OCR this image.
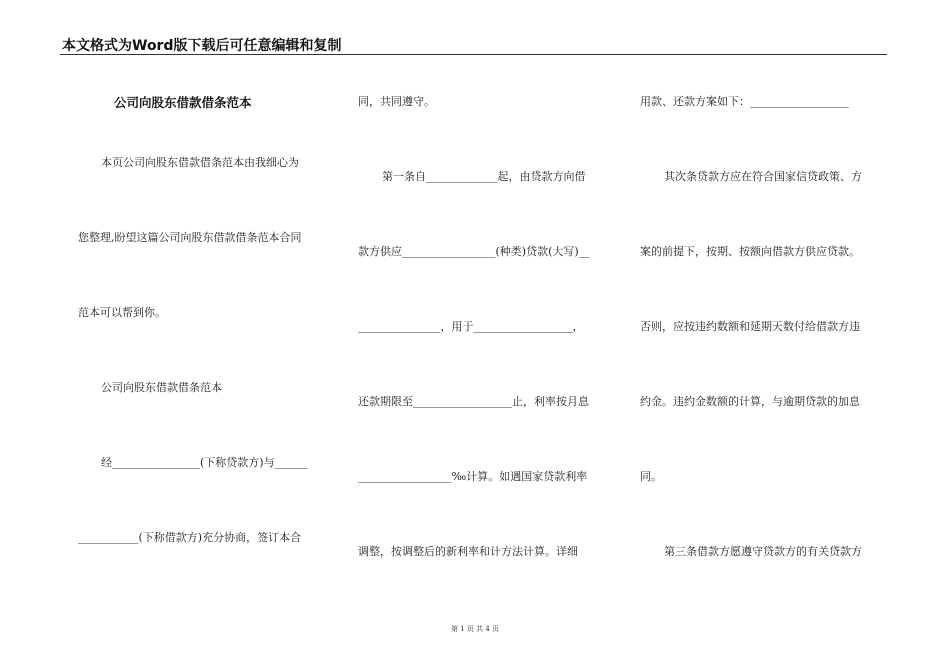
本文格式为Word版下载后可任意编辑和复制
公司向股东借款借条范本
本页公司向股东借款借条范本由我细心为
您整理,盼望这篇公司向股东借款借条范本合同
范本可以帮到你。
公司向股东借款借条范本
经________________(下称贷款方)与______
___________(下称借款方)充分协商，签订本合
同，共同遵守。
第一条自_____________起，由贷款方向借
款方供应_________________(种类)贷款(大写)__
_______________，用于__________________，
还款期限至__________________止，利率按月息
_________________‰计算。如遇国家贷款利率
调整，按调整后的新利率和计方法计算。详细
用款、还款方案如下：__________________
其次条贷款方应在符合国家信贷政策、方
案的前提下，按期、按额向借款方供应贷款。
否则，应按违约数额和延期天数付给借款方违
约金。违约金数额的计算，与逾期贷款的加息
同。
第三条借款方愿遵守贷款方的有关贷款方
第 1 页 共 4 页
